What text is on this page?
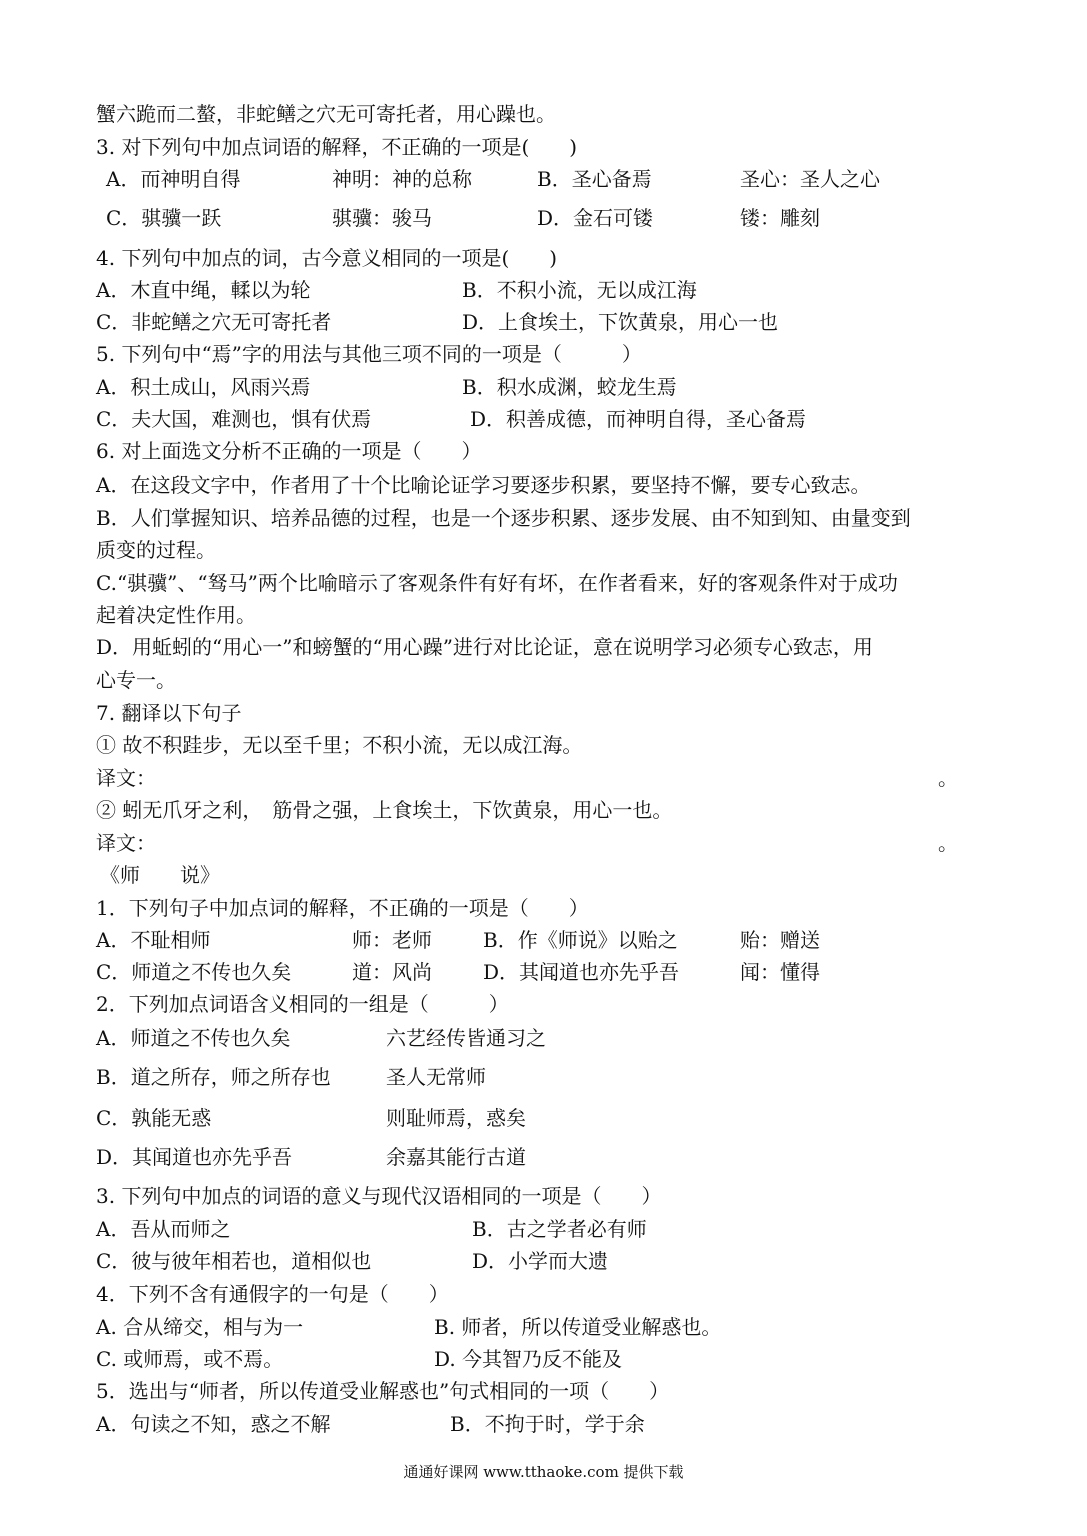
蟹六跪而二螯，非蛇鳝之穴无可寄托者，用心躁也。
3. 对下列句中加点词语的解释，不正确的一项是(　　)
A．而神明自得	神明：神的总称	B．圣心备焉	圣心：圣人之心
C．骐骥一跃	骐骥：骏马	D．金石可镂	镂：雕刻
4. 下列句中加点的词，古今意义相同的一项是(　　)
A．木直中绳，輮以为轮	B．不积小流，无以成江海
C．非蛇鳝之穴无可寄托者	D．上食埃土，下饮黄泉，用心一也
5. 下列句中“焉”字的用法与其他三项不同的一项是（　　　）
A．积土成山，风雨兴焉	B．积水成渊，蛟龙生焉
C．夫大国，难测也，惧有伏焉	D．积善成德，而神明自得，圣心备焉
6. 对上面选文分析不正确的一项是（　　）
A．在这段文字中，作者用了十个比喻论证学习要逐步积累，要坚持不懈，要专心致志。
B．人们掌握知识、培养品德的过程，也是一个逐步积累、逐步发展、由不知到知、由量变到
质变的过程。
C.“骐骥”、“驽马”两个比喻暗示了客观条件有好有坏，在作者看来，好的客观条件对于成功
起着决定性作用。
D．用蚯蚓的“用心一”和螃蟹的“用心躁”进行对比论证，意在说明学习必须专心致志，用
心专一。
7. 翻译以下句子
① 故不积跬步，无以至千里；不积小流，无以成江海。
译文：	。
② 蚓无爪牙之利，　筋骨之强，上食埃土，下饮黄泉，用心一也。
译文：	。
《师　　说》
1．下列句子中加点词的解释，不正确的一项是（　　）
A．不耻相师	师：老师	B．作《师说》以贻之	贻：赠送
C．师道之不传也久矣	道：风尚	D．其闻道也亦先乎吾	闻：懂得
2．下列加点词语含义相同的一组是（　　　）
A．师道之不传也久矣	六艺经传皆通习之
B．道之所存，师之所存也	圣人无常师
C．孰能无惑	则耻师焉，惑矣
D．其闻道也亦先乎吾	余嘉其能行古道
3. 下列句中加点的词语的意义与现代汉语相同的一项是（　　）
A．吾从而师之	B．古之学者必有师
C．彼与彼年相若也，道相似也	D．小学而大遗
4．下列不含有通假字的一句是（　　）
A. 合从缔交，相与为一	B. 师者，所以传道受业解惑也。
C. 或师焉，或不焉。	D. 今其智乃反不能及
5．选出与“师者，所以传道受业解惑也”句式相同的一项（　　）
A．句读之不知，惑之不解	B．不拘于时，学于余
通通好课网 www.tthaoke.com 提供下载
